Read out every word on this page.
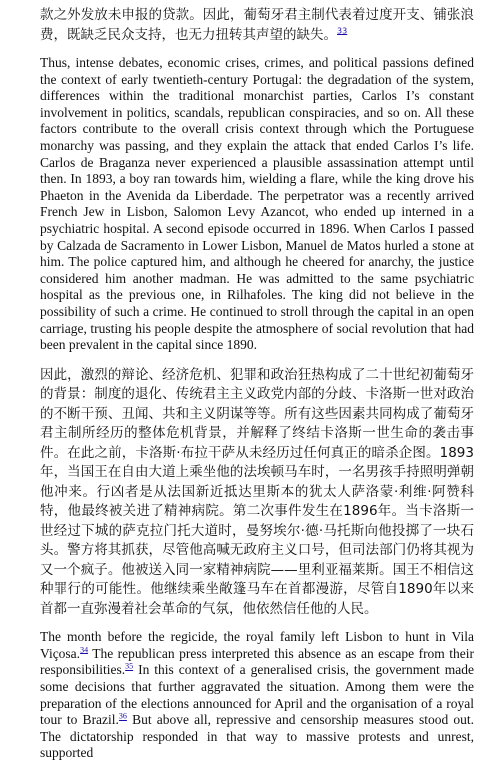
款之外发放未申报的贷款。因此，葡萄牙君主制代表着过度开支、铺张浪费，既缺乏民众支持，也无力扭转其声望的缺失。$^{33}$

Thus, intense debates, economic crises, crimes, and political passions defined the context of early twentieth-century Portugal: the degradation of the system, differences within the traditional monarchist parties, Carlos I’s constant involvement in politics, scandals, republican conspiracies, and so on. All these factors contribute to the overall crisis context through which the Portuguese monarchy was passing, and they explain the attack that ended Carlos I’s life. Carlos de Braganza never experienced a plausible assassination attempt until then. In 1893, a boy ran towards him, wielding a flare, while the king drove his Phaeton in the Avenida da Liberdade. The perpetrator was a recently arrived French Jew in Lisbon, Salomon Levy Azancot, who ended up interned in a psychiatric hospital. A second episode occurred in 1896. When Carlos I passed by Calzada de Sacramento in Lower Lisbon, Manuel de Matos hurled a stone at him. The police captured him, and although he cheered for anarchy, the justice considered him another madman. He was admitted to the same psychiatric hospital as the previous one, in Rilhafoles. The king did not believe in the possibility of such a crime. He continued to stroll through the capital in an open carriage, trusting his people despite the atmosphere of social revolution that had been prevalent in the capital since 1890.

因此，激烈的辩论、经济危机、犯罪和政治狂热构成了二十世纪初葡萄牙的背景：制度的退化、传统君主主义政党内部的分歧、卡洛斯一世对政治的不断干预、丑闻、共和主义阴谋等等。所有这些因素共同构成了葡萄牙君主制所经历的整体危机背景，并解释了终结卡洛斯一世生命的袭击事件。在此之前，卡洛斯·布拉干萨从未经历过任何真正的暗杀企图。1893年，当国王在自由大道上乘坐他的法埃顿马车时，一名男孩手持照明弹朝他冲来。行凶者是从法国新近抵达里斯本的犹太人萨洛蒙·利维·阿赞科特，他最终被关进了精神病院。第二次事件发生在1896年。当卡洛斯一世经过下城的萨克拉门托大道时，曼努埃尔·德·马托斯向他投掷了一块石头。警方将其抓获，尽管他高喊无政府主义口号，但司法部门仍将其视为又一个疯子。他被送入同一家精神病院——里利亚福莱斯。国王不相信这种罪行的可能性。他继续乘坐敞篷马车在首都漫游，尽管自1890年以来首都一直弥漫着社会革命的气氛，他依然信任他的人民。

The month before the regicide, the royal family left Lisbon to hunt in Vila Viçosa.$^{34}$ The republican press interpreted this absence as an escape from their responsibilities.$^{35}$ In this context of a generalised crisis, the government made some decisions that further aggravated the situation. Among them were the preparation of the elections announced for April and the organisation of a royal tour to Brazil.$^{36}$ But above all, repressive and censorship measures stood out. The dictatorship responded in that way to massive protests and unrest, supported
